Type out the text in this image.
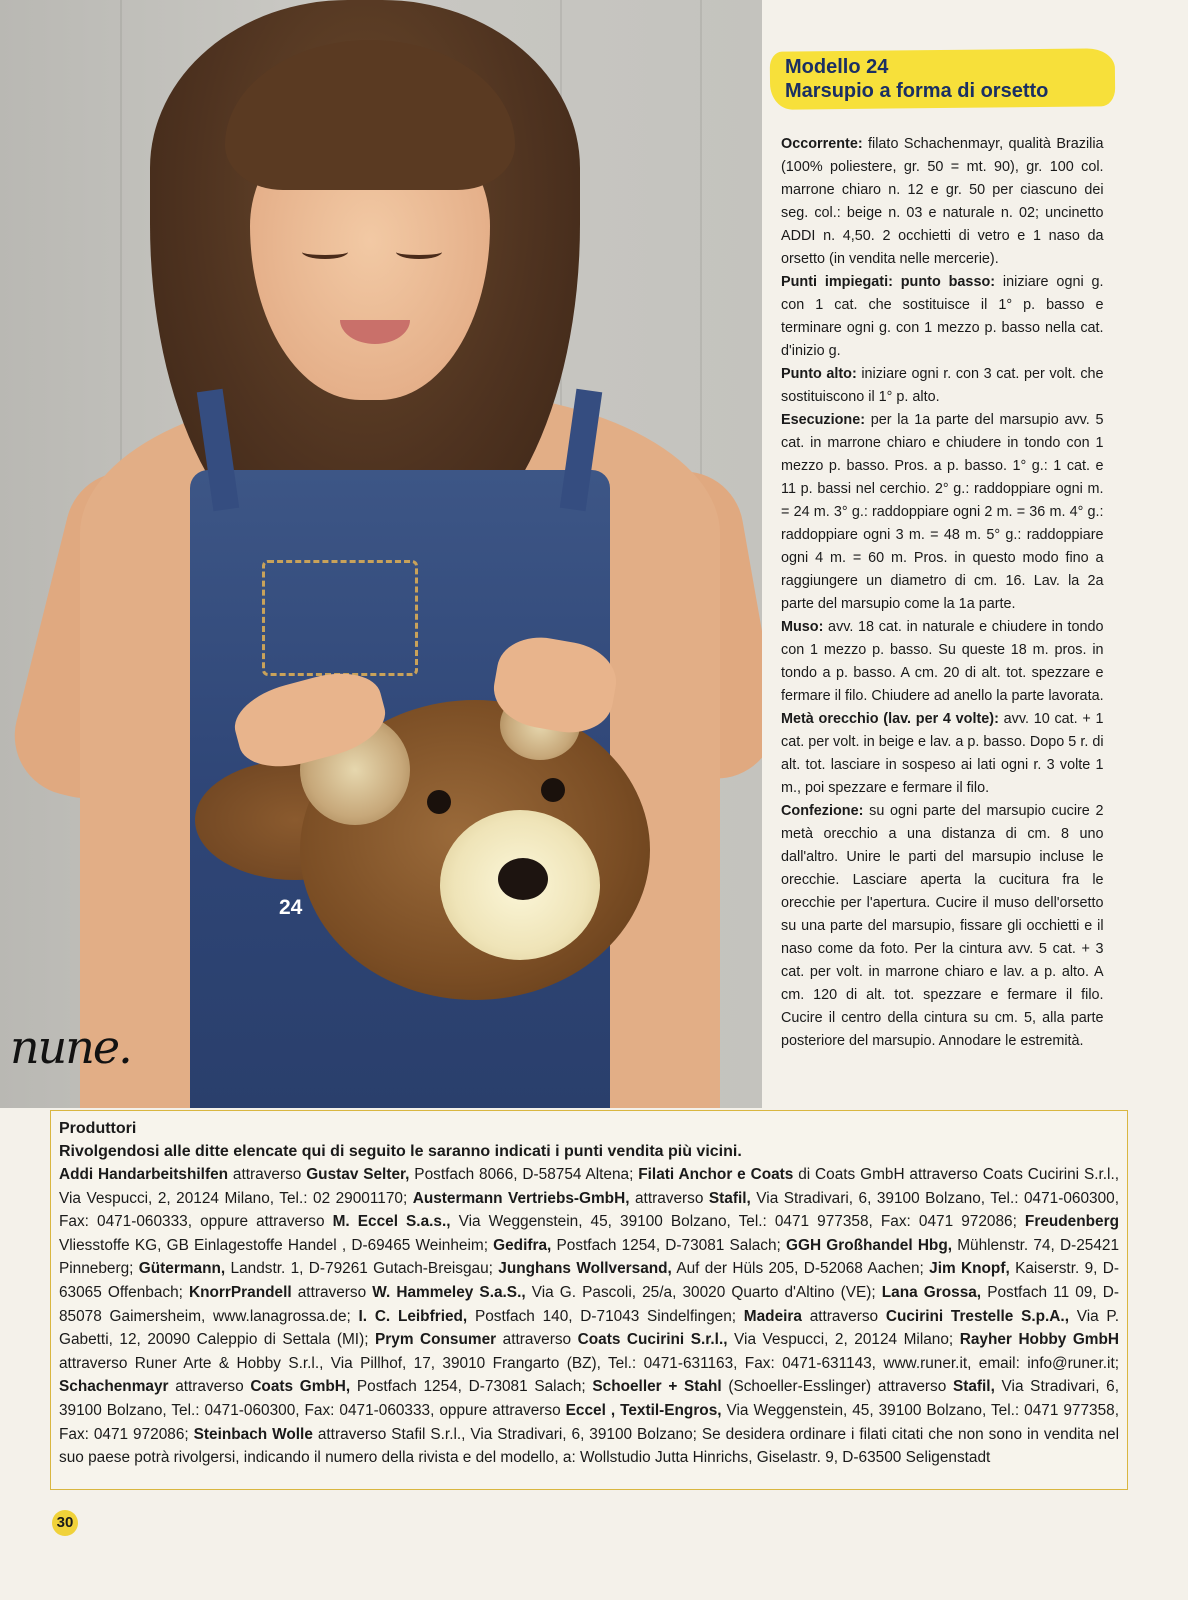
24
nune.
Modello 24
Marsupio a forma di orsetto

Occorrente: filato Schachenmayr, qualità Brazilia (100% poliestere, gr. 50 = mt. 90), gr. 100 col. marrone chiaro n. 12 e gr. 50 per ciascuno dei seg. col.: beige n. 03 e naturale n. 02; uncinetto ADDI n. 4,50. 2 occhietti di vetro e 1 naso da orsetto (in vendita nelle mercerie).

Punti impiegati: punto basso: iniziare ogni g. con 1 cat. che sostituisce il 1° p. basso e terminare ogni g. con 1 mezzo p. basso nella cat. d'inizio g.

Punto alto: iniziare ogni r. con 3 cat. per volt. che sostituiscono il 1° p. alto.

Esecuzione: per la 1a parte del marsupio avv. 5 cat. in marrone chiaro e chiudere in tondo con 1 mezzo p. basso. Pros. a p. basso. 1° g.: 1 cat. e 11 p. bassi nel cerchio. 2° g.: raddoppiare ogni m. = 24 m. 3° g.: raddoppiare ogni 2 m. = 36 m. 4° g.: raddoppiare ogni 3 m. = 48 m. 5° g.: raddoppiare ogni 4 m. = 60 m. Pros. in questo modo fino a raggiungere un diametro di cm. 16. Lav. la 2a parte del marsupio come la 1a parte.

Muso: avv. 18 cat. in naturale e chiudere in tondo con 1 mezzo p. basso. Su queste 18 m. pros. in tondo a p. basso. A cm. 20 di alt. tot. spezzare e fermare il filo. Chiudere ad anello la parte lavorata.

Metà orecchio (lav. per 4 volte): avv. 10 cat. + 1 cat. per volt. in beige e lav. a p. basso. Dopo 5 r. di alt. tot. lasciare in sospeso ai lati ogni r. 3 volte 1 m., poi spezzare e fermare il filo.

Confezione: su ogni parte del marsupio cucire 2 metà orecchio a una distanza di cm. 8 uno dall'altro. Unire le parti del marsupio incluse le orecchie. Lasciare aperta la cucitura fra le orecchie per l'apertura. Cucire il muso dell'orsetto su una parte del marsupio, fissare gli occhietti e il naso come da foto. Per la cintura avv. 5 cat. + 3 cat. per volt. in marrone chiaro e lav. a p. alto. A cm. 120 di alt. tot. spezzare e fermare il filo. Cucire il centro della cintura su cm. 5, alla parte posteriore del marsupio. Annodare le estremità.

Produttori
Rivolgendosi alle ditte elencate qui di seguito le saranno indicati i punti vendita più vicini.
Addi Handarbeitshilfen attraverso Gustav Selter, Postfach 8066, D-58754 Altena; Filati Anchor e Coats di Coats GmbH attraverso Coats Cucirini S.r.l., Via Vespucci, 2, 20124 Milano, Tel.: 02 29001170; Austermann Vertriebs-GmbH, attraverso Stafil, Via Stradivari, 6, 39100 Bolzano, Tel.: 0471-060300, Fax: 0471-060333, oppure attraverso M. Eccel S.a.s., Via Weggenstein, 45, 39100 Bolzano, Tel.: 0471 977358, Fax: 0471 972086; Freudenberg Vliesstoffe KG, GB Einlagestoffe Handel , D-69465 Weinheim; Gedifra, Postfach 1254, D-73081 Salach; GGH Großhandel Hbg, Mühlenstr. 74, D-25421 Pinneberg; Gütermann, Landstr. 1, D-79261 Gutach-Breisgau; Junghans Wollversand, Auf der Hüls 205, D-52068 Aachen; Jim Knopf, Kaiserstr. 9, D-63065 Offenbach; KnorrPrandell attraverso W. Hammeley S.a.S., Via G. Pascoli, 25/a, 30020 Quarto d'Altino (VE); Lana Grossa, Postfach 11 09, D-85078 Gaimersheim, www.lanagrossa.de; I. C. Leibfried, Postfach 140, D-71043 Sindelfingen; Madeira attraverso Cucirini Trestelle S.p.A., Via P. Gabetti, 12, 20090 Caleppio di Settala (MI); Prym Consumer attraverso Coats Cucirini S.r.l., Via Vespucci, 2, 20124 Milano; Rayher Hobby GmbH attraverso Runer Arte & Hobby S.r.l., Via Pillhof, 17, 39010 Frangarto (BZ), Tel.: 0471-631163, Fax: 0471-631143, www.runer.it, email: info@runer.it; Schachenmayr attraverso Coats GmbH, Postfach 1254, D-73081 Salach; Schoeller + Stahl (Schoeller-Esslinger) attraverso Stafil, Via Stradivari, 6, 39100 Bolzano, Tel.: 0471-060300, Fax: 0471-060333, oppure attraverso Eccel , Textil-Engros, Via Weggenstein, 45, 39100 Bolzano, Tel.: 0471 977358, Fax: 0471 972086; Steinbach Wolle attraverso Stafil S.r.l., Via Stradivari, 6, 39100 Bolzano; Se desidera ordinare i filati citati che non sono in vendita nel suo paese potrà rivolgersi, indicando il numero della rivista e del modello, a: Wollstudio Jutta Hinrichs, Giselastr. 9, D-63500 Seligenstadt
30
